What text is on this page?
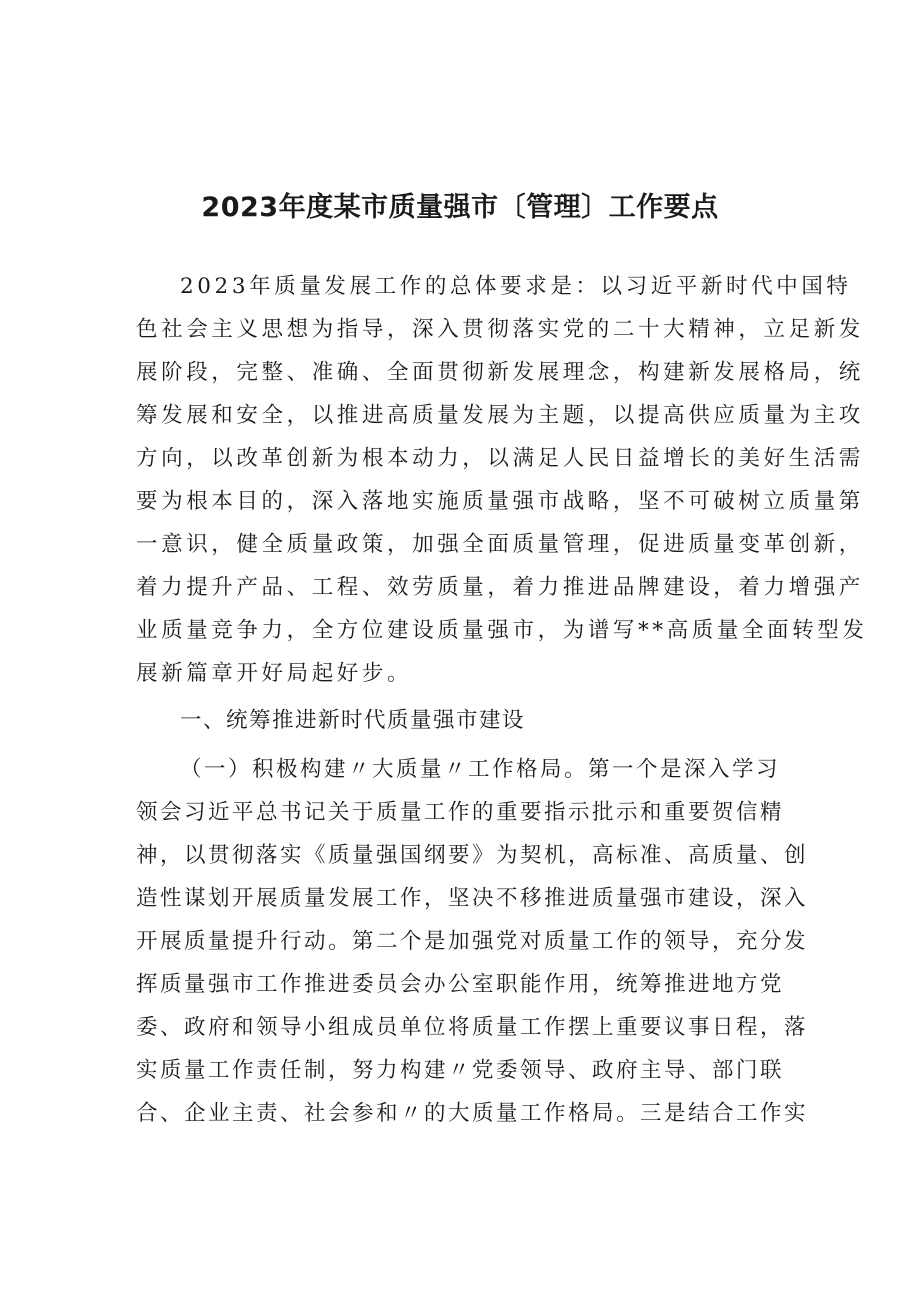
2023年度某市质量强市〔管理〕工作要点
2023年质量发展工作的总体要求是：以习近平新时代中国特
色社会主义思想为指导，深入贯彻落实党的二十大精神，立足新发
展阶段，完整、准确、全面贯彻新发展理念，构建新发展格局，统
筹发展和安全，以推进高质量发展为主题，以提高供应质量为主攻
方向，以改革创新为根本动力，以满足人民日益增长的美好生活需
要为根本目的，深入落地实施质量强市战略，坚不可破树立质量第
一意识，健全质量政策，加强全面质量管理，促进质量变革创新，
着力提升产品、工程、效劳质量，着力推进品牌建设，着力增强产
业质量竞争力，全方位建设质量强市，为谱写**高质量全面转型发
展新篇章开好局起好步。
一、统筹推进新时代质量强市建设
（一）积极构建〃大质量〃工作格局。第一个是深入学习
领会习近平总书记关于质量工作的重要指示批示和重要贺信精
神，以贯彻落实《质量强国纲要》为契机，高标准、高质量、创
造性谋划开展质量发展工作，坚决不移推进质量强市建设，深入
开展质量提升行动。第二个是加强党对质量工作的领导，充分发
挥质量强市工作推进委员会办公室职能作用，统筹推进地方党
委、政府和领导小组成员单位将质量工作摆上重要议事日程，落
实质量工作责任制，努力构建〃党委领导、政府主导、部门联
合、企业主责、社会参和〃的大质量工作格局。三是结合工作实
